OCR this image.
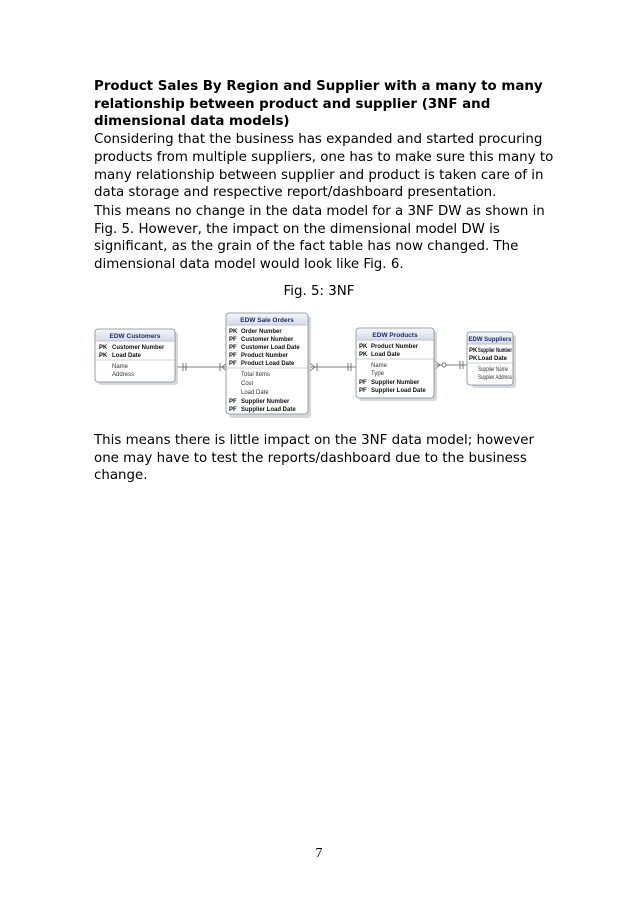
Product Sales By Region and Supplier with a many to many relationship between product and supplier (3NF and dimensional data models)
Considering that the business has expanded and started procuring products from multiple suppliers, one has to make sure this many to many relationship between supplier and product is taken care of in data storage and respective report/dashboard presentation.
This means no change in the data model for a 3NF DW as shown in Fig. 5. However, the impact on the dimensional model DW is significant, as the grain of the fact table has now changed. The dimensional data model would look like Fig. 6.
Fig. 5: 3NF
EDW Customers
PK Customer Number
PK Load Date
Name
Address
EDW Sale Orders
PK Order Number
PF Customer Number
PF Customer Load Date
PF Product Number
PF Product Load Date
Total Items
Cost
Load Date
PF Supplier Number
PF Supplier Load Date
EDW Products
PK Product Number
PK Load Date
Name
Type
PF Supplier Number
PF Supplier Load Date
EDW Suppliers
PK Supplier Number
PK Load Date
Supplier Name
Supplier Address
This means there is little impact on the 3NF data model; however one may have to test the reports/dashboard due to the business change.
7
